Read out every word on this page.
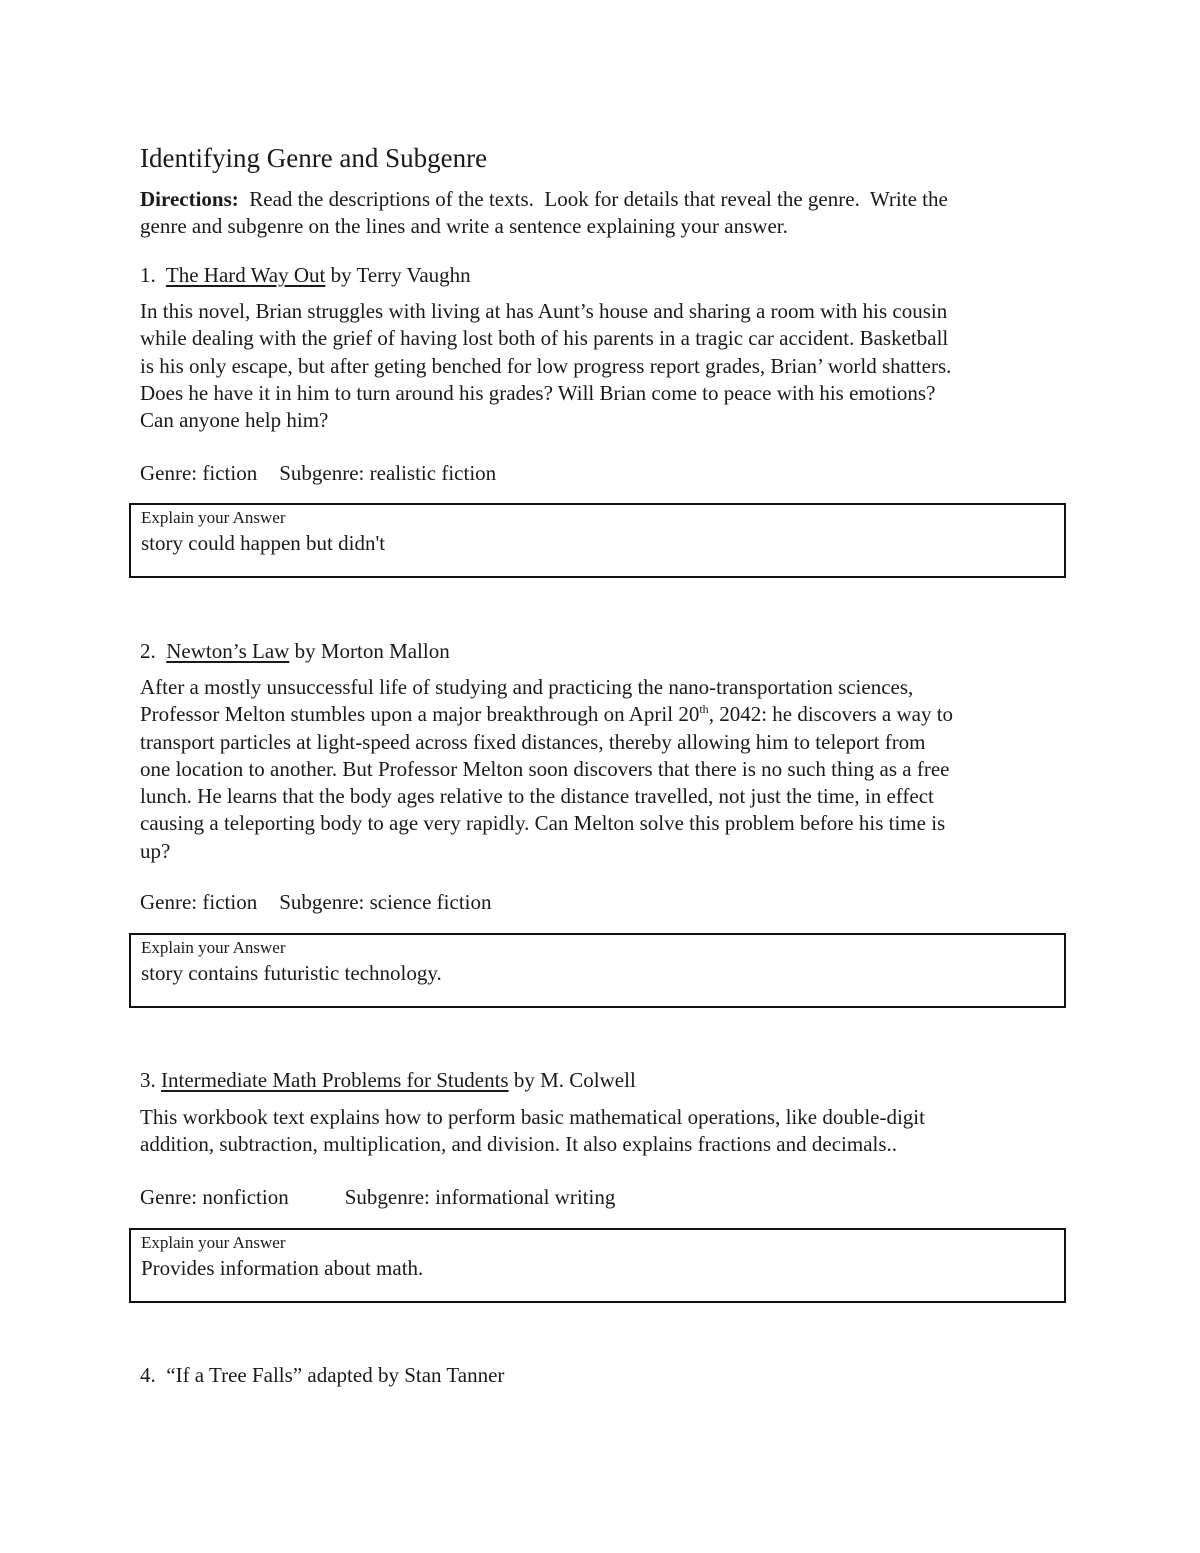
Identifying Genre and Subgenre
Directions:  Read the descriptions of the texts.  Look for details that reveal the genre.  Write the
genre and subgenre on the lines and write a sentence explaining your answer.
1. The Hard Way Out by Terry Vaughn
In this novel, Brian struggles with living at has Aunt’s house and sharing a room with his cousin
while dealing with the grief of having lost both of his parents in a tragic car accident. Basketball
is his only escape, but after geting benched for low progress report grades, Brian’ world shatters.
Does he have it in him to turn around his grades? Will Brian come to peace with his emotions?
Can anyone help him?
Genre: fiction Subgenre: realistic fiction
Explain your Answer
story could happen but didn't
2. Newton’s Law by Morton Mallon
After a mostly unsuccessful life of studying and practicing the nano-transportation sciences,
Professor Melton stumbles upon a major breakthrough on April 20th, 2042: he discovers a way to
transport particles at light-speed across fixed distances, thereby allowing him to teleport from
one location to another. But Professor Melton soon discovers that there is no such thing as a free
lunch. He learns that the body ages relative to the distance travelled, not just the time, in effect
causing a teleporting body to age very rapidly. Can Melton solve this problem before his time is
up?
Genre: fiction Subgenre: science fiction
Explain your Answer
story contains futuristic technology.
3. Intermediate Math Problems for Students by M. Colwell
This workbook text explains how to perform basic mathematical operations, like double-digit
addition, subtraction, multiplication, and division. It also explains fractions and decimals..
Genre: nonfiction	Subgenre: informational writing
Explain your Answer
Provides information about math.
4. “If a Tree Falls” adapted by Stan Tanner
